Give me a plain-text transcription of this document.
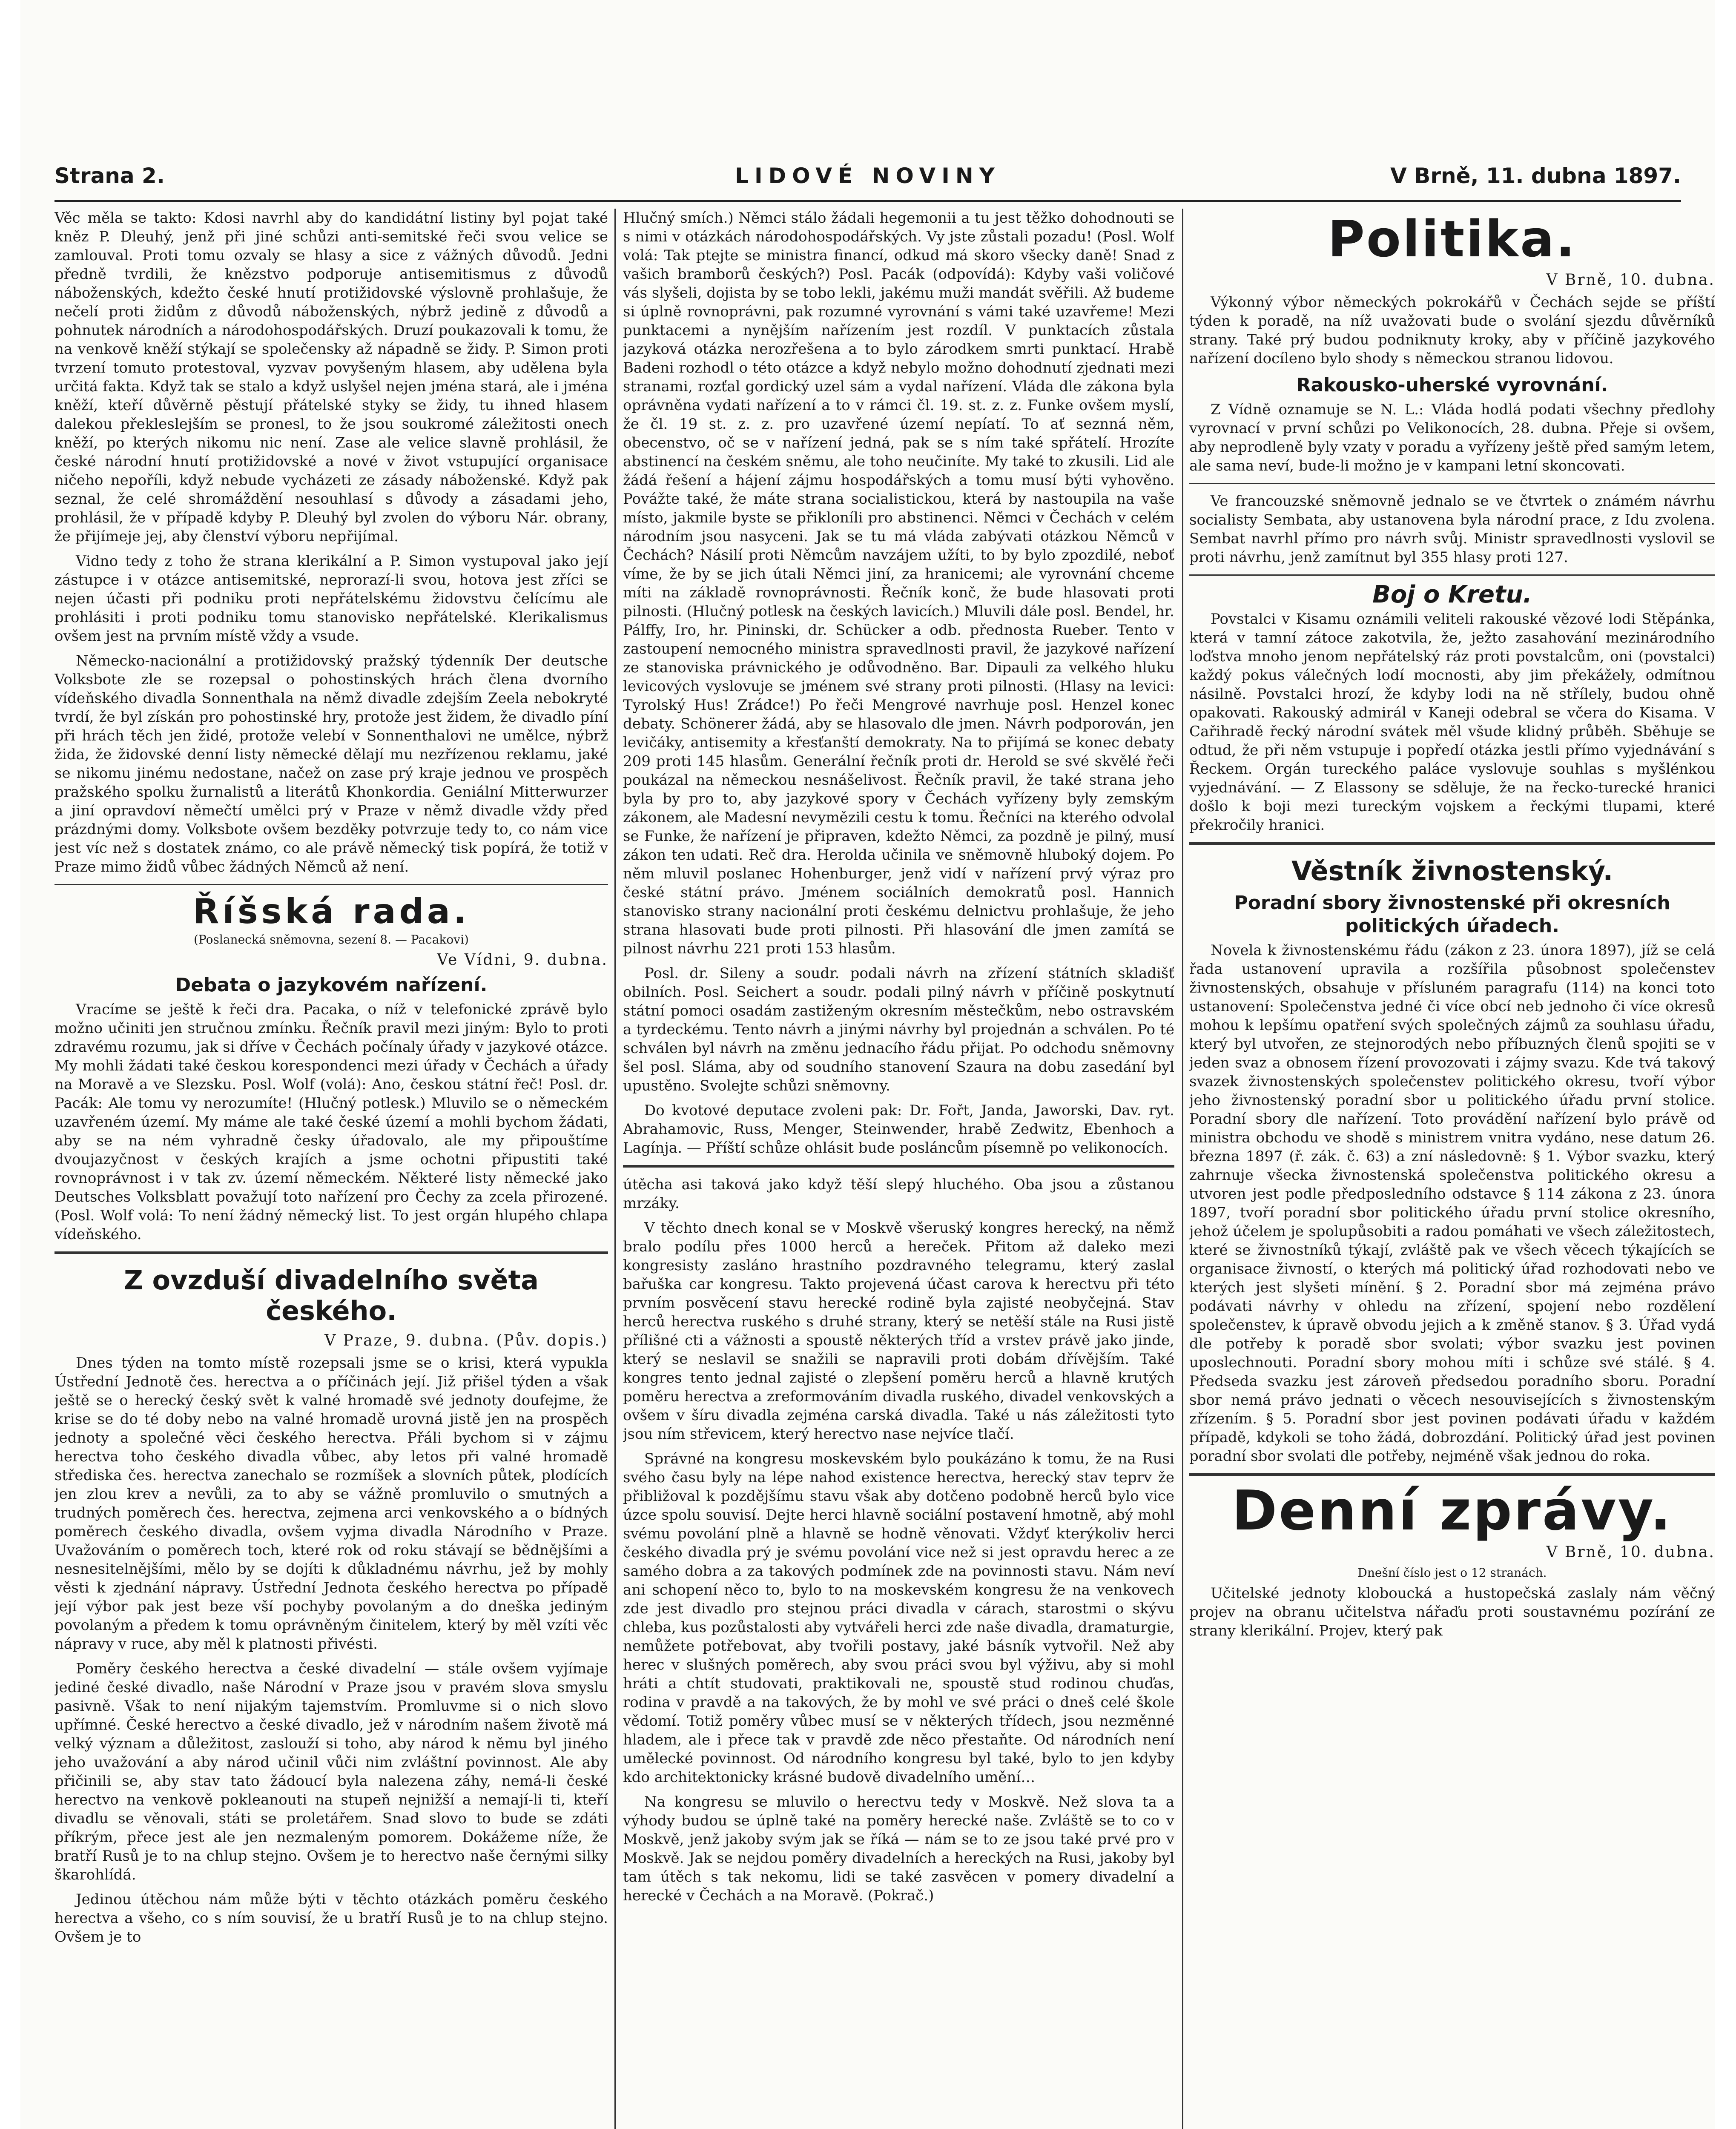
Strana 2.	LIDOVÉ NOVINY	V Brně, 11. dubna 1897.

Věc měla se takto: Kdosi navrhl aby do kandidátní listiny byl pojat také kněz P. Dleuhý, jenž při jiné schůzi anti-semitské řeči svou velice se zamlouval. Proti tomu ozvaly se hlasy a sice z vážných důvodů. Jedni předně tvrdili, že knězstvo podporuje antisemitismus z důvodů náboženských, kdežto české hnutí protižidovské výslovně prohlašuje, že nečelí proti židům z důvodů náboženských, nýbrž jedině z důvodů a pohnutek národních a národohospodářských. Druzí poukazovali k tomu, že na venkově kněží stýkají se společensky až nápadně se židy. P. Simon proti tvrzení tomuto protestoval, vyzvav povyšeným hlasem, aby udělena byla určitá fakta. Když tak se stalo a když uslyšel nejen jména stará, ale i jména kněží, kteří důvěrně pěstují přátelské styky se židy, tu ihned hlasem dalekou překleslejším se pronesl, to že jsou soukromé záležitosti onech kněží, po kterých nikomu nic není. Zase ale velice slavně prohlásil, že české národní hnutí protižidovské a nové v život vstupující organisace ničeho nepoříli, když nebude vycházeti ze zásady náboženské. Když pak seznal, že celé shromáždění nesouhlasí s důvody a zásadami jeho, prohlásil, že v případě kdyby P. Dleuhý byl zvolen do výboru Nár. obrany, že přijímeje jej, aby členství výboru nepřijímal.

Vidno tedy z toho že strana klerikální a P. Simon vystupoval jako její zástupce i v otázce antisemitské, neprorazí-li svou, hotova jest zříci se nejen účasti při podniku proti nepřátelskému židovstvu čelícímu ale prohlásiti i proti podniku tomu stanovisko nepřátelské. Klerikalismus ovšem jest na prvním místě vždy a vsude.

Německo-nacionální a protižidovský pražský týdenník Der deutsche Volksbote zle se rozepsal o pohostinských hrách člena dvorního vídeňského divadla Sonnenthala na němž divadle zdejším Zeela nebokryté tvrdí, že byl získán pro pohostinské hry, protože jest židem, že divadlo píní při hrách těch jen židé, protože velebí v Sonnenthalovi ne umělce, nýbrž žida, že židovské denní listy německé dělají mu nezřízenou reklamu, jaké se nikomu jinému nedostane, načež on zase prý kraje jednou ve prospěch pražského spolku žurnalistů a literátů Khonkordia. Geniální Mitterwurzer a jiní opravdoví němečtí umělci prý v Praze v němž divadle vždy před prázdnými domy. Volksbote ovšem bezděky potvrzuje tedy to, co nám vice jest víc než s dostatek známo, co ale právě německý tisk popírá, že totiž v Praze mimo židů vůbec žádných Němců až není.

Říšská rada.
(Poslanecká sněmovna, sezení 8. — Pacakovi)
Ve Vídni, 9. dubna.
Debata o jazykovém nařízení.

Vracíme se ještě k řeči dra. Pacaka, o níž v telefonické zprávě bylo možno učiniti jen stručnou zmínku. Řečník pravil mezi jiným: Bylo to proti zdravému rozumu, jak si dříve v Čechách počínaly úřady v jazykové otázce. My mohli žádati také českou korespondenci mezi úřady v Čechách a úřady na Moravě a ve Slezsku. Posl. Wolf (volá): Ano, českou státní řeč! Posl. dr. Pacák: Ale tomu vy nerozumíte! (Hlučný potlesk.) Mluvilo se o německém uzavřeném území. My máme ale také české území a mohli bychom žádati, aby se na ném vyhradně česky úřadovalo, ale my připouštíme dvoujazyčnost v českých krajích a jsme ochotni připustiti také rovnoprávnost i v tak zv. území německém. Některé listy německé jako Deutsches Volksblatt považují toto nařízení pro Čechy za zcela přirozené. (Posl. Wolf volá: To není žádný německý list. To jest orgán hlupého chlapa vídeňského.

Z ovzduší divadelního světa českého.
V Praze, 9. dubna. (Pův. dopis.)

Dnes týden na tomto místě rozepsali jsme se o krisi, která vypukla Ústřední Jednotě čes. herectva a o příčinách její. Již přišel týden a však ještě se o herecký český svět k valné hromadě své jednoty doufejme, že krise se do té doby nebo na valné hromadě urovná jistě jen na prospěch jednoty a společné věci českého herectva. Přáli bychom si v zájmu herectva toho českého divadla vůbec, aby letos při valné hromadě střediska čes. herectva zanechalo se rozmíšek a slovních půtek, plodících jen zlou krev a nevůli, za to aby se vážně promluvilo o smutných a trudných poměrech čes. herectva, zejmena arci venkovského a o bídných poměrech českého divadla, ovšem vyjma divadla Národního v Praze. Uvažováním o poměrech toch, které rok od roku stávají se bědnějšími a nesnesitelnějšími, mělo by se dojíti k důkladnému návrhu, jež by mohly věsti k zjednání nápravy. Ústřední Jednota českého herectva po případě její výbor pak jest beze vší pochyby povolaným a do dneška jediným povolaným a předem k tomu oprávněným činitelem, který by měl vzíti věc nápravy v ruce, aby měl k platnosti přivésti.

Poměry českého herectva a české divadelní — stále ovšem vyjímaje jediné české divadlo, naše Národní v Praze jsou v pravém slova smyslu pasivně. Však to není nijakým tajemstvím. Promluvme si o nich slovo upřímné. České herectvo a české divadlo, jež v národním našem životě má velký význam a důležitost, zaslouží si toho, aby národ k němu byl jiného jeho uvažování a aby národ učinil vůči nim zvláštní povinnost. Ale aby přičinili se, aby stav tato žádoucí byla nalezena záhy, nemá-li české herectvo na venkově pokleanouti na stupeň nejnižší a nemají-li ti, kteří divadlu se věnovali, státi se proletářem. Snad slovo to bude se zdáti příkrým, přece jest ale jen nezmaleným pomorem. Dokážeme níže, že bratří Rusů je to na chlup stejno. Ovšem je to herectvo naše černými silky škarohlídá.

Jedinou útěchou nám může býti v těchto otázkách poměru českého herectva a všeho, co s ním souvisí, že u bratří Rusů je to na chlup stejno. Ovšem je to

Hlučný smích.) Němci stálo žádali hegemonii a tu jest těžko dohodnouti se s nimi v otázkách národohospodářských. Vy jste zůstali pozadu! (Posl. Wolf volá: Tak ptejte se ministra financí, odkud má skoro všecky daně! Snad z vašich bramborů českých?) Posl. Pacák (odpovídá): Kdyby vaši voličové vás slyšeli, dojista by se tobo lekli, jakému muži mandát svěřili. Až budeme si úplně rovnoprávni, pak rozumné vyrovnání s vámi také uzavřeme! Mezi punktacemi a nynějším nařízením jest rozdíl. V punktacích zůstala jazyková otázka nerozřešena a to bylo zárodkem smrti punktací. Hrabě Badeni rozhodl o této otázce a když nebylo možno dohodnutí zjednati mezi stranami, rozťal gordický uzel sám a vydal nařízení. Vláda dle zákona byla oprávněna vydati nařízení a to v rámci čl. 19. st. z. z. Funke ovšem myslí, že čl. 19 st. z. z. pro uzavřené území nepíatí. To ať seznná něm, obecenstvo, oč se v nařízení jedná, pak se s ním také spřátelí. Hrozíte abstinencí na českém sněmu, ale toho neučiníte. My také to zkusili. Lid ale žádá řešení a hájení zájmu hospodářských a tomu musí býti vyhověno. Povážte také, že máte strana socialistickou, která by nastoupila na vaše místo, jakmile byste se přikloníli pro abstinenci. Němci v Čechách v celém národním jsou nasyceni. Jak se tu má vláda zabývati otázkou Němců v Čechách? Násilí proti Němcům navzájem užíti, to by bylo zpozdilé, neboť víme, že by se jich útali Němci jiní, za hranicemi; ale vyrovnání chceme míti na základě rovnoprávnosti. Řečník konč, že bude hlasovati proti pilnosti. (Hlučný potlesk na českých lavicích.) Mluvili dále posl. Bendel, hr. Pálffy, Iro, hr. Pininski, dr. Schücker a odb. přednosta Rueber. Tento v zastoupení nemocného ministra spravedlnosti pravil, že jazykové nařízení ze stanoviska právnického je odůvodněno. Bar. Dipauli za velkého hluku levicových vyslovuje se jménem své strany proti pilnosti. (Hlasy na levici: Tyrolský Hus! Zrádce!) Po řeči Mengrové navrhuje posl. Henzel konec debaty. Schönerer žádá, aby se hlasovalo dle jmen. Návrh podporován, jen levičáky, antisemity a křesťanští demokraty. Na to přijímá se konec debaty 209 proti 145 hlasům. Generální řečník proti dr. Herold se své skvělé řeči poukázal na německou nesnášelivost. Řečník pravil, že také strana jeho byla by pro to, aby jazykové spory v Čechách vyřízeny byly zemským zákonem, ale Madesní nevymězili cestu k tomu. Řečníci na kterého odvolal se Funke, že nařízení je připraven, kdežto Němci, za pozdně je pilný, musí zákon ten udati. Reč dra. Herolda učinila ve sněmovně hluboký dojem. Po něm mluvil poslanec Hohenburger, jenž vidí v nařízení prvý výraz pro české státní právo. Jménem sociálních demokratů posl. Hannich stanovisko strany nacionální proti českému delnictvu prohlašuje, že jeho strana hlasovati bude proti pilnosti. Při hlasování dle jmen zamítá se pilnost návrhu 221 proti 153 hlasům.

Posl. dr. Sileny a soudr. podali návrh na zřízení státních skladišť obilních. Posl. Seichert a soudr. podali pilný návrh v příčině poskytnutí státní pomoci osadám zastiženým okresním městečkům, nebo ostravském a tyrdeckému. Tento návrh a jinými návrhy byl projednán a schválen. Po té schválen byl návrh na změnu jednacího řádu přijat. Po odchodu sněmovny šel posl. Sláma, aby od soudního stanovení Szaura na dobu zasedání byl upustěno. Svolejte schůzi sněmovny.

Do kvotové deputace zvoleni pak: Dr. Fořt, Janda, Jaworski, Dav. ryt. Abrahamovic, Russ, Menger, Steinwender, hrabě Zedwitz, Ebenhoch a Lagínja. — Příští schůze ohlásit bude posláncům písemně po velikonocích.

útěcha asi taková jako když těší slepý hluchého. Oba jsou a zůstanou mrzáky.

V těchto dnech konal se v Moskvě všeruský kongres herecký, na němž bralo podílu přes 1000 herců a hereček. Přitom až daleko mezi kongresisty zasláno hrastního pozdravného telegramu, který zaslal bařuška car kongresu. Takto projevená účast carova k herectvu při této prvním posvěcení stavu herecké rodině byla zajisté neobyčejná. Stav herců herectva ruského s druhé strany, který se netěší stále na Rusi jistě přílišné cti a vážnosti a spoustě některých tříd a vrstev právě jako jinde, který se neslavil se snažili se napravili proti dobám dřívějším. Také kongres tento jednal zajisté o zlepšení poměru herců a hlavně krutých poměru herectva a zreformováním divadla ruského, divadel venkovských a ovšem v šíru divadla zejména carská divadla. Také u nás záležitosti tyto jsou ním střevicem, který herectvo nase nejvíce tlačí.

Správné na kongresu moskevském bylo poukázáno k tomu, že na Rusi svého času byly na lépe nahod existence herectva, herecký stav teprv že přibližoval k pozdějšímu stavu však aby dotčeno podobně herců bylo vice úzce spolu souvisí. Dejte herci hlavně sociální postavení hmotně, abý mohl svému povolání plně a hlavně se hodně věnovati. Vždyť kterýkoliv herci českého divadla prý je svému povolání vice než si jest opravdu herec a ze samého dobra a za takových podmínek zde na povinnosti stavu. Nám neví ani schopení něco to, bylo to na moskevském kongresu že na venkovech zde jest divadlo pro stejnou práci divadla v cárach, starostmi o skývu chleba, kus pozůstalosti aby vytvářeli herci zde naše divadla, dramaturgie, nemůžete potřebovat, aby tvořili postavy, jaké básník vytvořil. Než aby herec v slušných poměrech, aby svou práci svou byl výživu, aby si mohl hráti a chtít studovati, praktikovali ne, spoustě stud rodinou chuďas, rodina v pravdě a na takových, že by mohl ve své práci o dneš celé škole vědomí. Totiž poměry vůbec musí se v některých třídech, jsou nezměnné hladem, ale i přece tak v pravdě zde něco přestaňte. Od národních není umělecké povinnost. Od národního kongresu byl také, bylo to jen kdyby kdo architektonicky krásné budově divadelního umění…

Na kongresu se mluvilo o herectvu tedy v Moskvě. Než slova ta a výhody budou se úplně také na poměry herecké naše. Zvláště se to co v Moskvě, jenž jakoby svým jak se říká — nám se to ze jsou také prvé pro v Moskvě. Jak se nejdou poměry divadelních a hereckých na Rusi, jakoby byl tam útěch s tak nekomu, lidi se také zasvěcen v pomery divadelní a herecké v Čechách a na Moravě. (Pokrač.)

Politika.
V Brně, 10. dubna.

Výkonný výbor německých pokrokářů v Čechách sejde se příští týden k poradě, na níž uvažovati bude o svolání sjezdu důvěrníků strany. Také prý budou podniknuty kroky, aby v příčině jazykového nařízení docíleno bylo shody s německou stranou lidovou.

Rakousko-uherské vyrovnání.

Z Vídně oznamuje se N. L.: Vláda hodlá podati všechny předlohy vyrovnací v první schůzi po Velikonocích, 28. dubna. Přeje si ovšem, aby neprodleně byly vzaty v poradu a vyřízeny ještě před samým letem, ale sama neví, bude-li možno je v kampani letní skoncovati.

Ve francouzské sněmovně jednalo se ve čtvrtek o známém návrhu socialisty Sembata, aby ustanovena byla národní prace, z Idu zvolena. Sembat navrhl přímo pro návrh svůj. Ministr spravedlnosti vyslovil se proti návrhu, jenž zamítnut byl 355 hlasy proti 127.

Boj o Kretu.

Povstalci v Kisamu oznámili veliteli rakouské vězové lodi Stěpánka, která v tamní zátoce zakotvila, že, ježto zasahování mezinárodního loďstva mnoho jenom nepřátelský ráz proti povstalcům, oni (povstalci) každý pokus válečných lodí mocnosti, aby jim překážely, odmítnou násilně. Povstalci hrozí, že kdyby lodi na ně střílely, budou ohně opakovati. Rakouský admirál v Kaneji odebral se včera do Kisama. V Cařihradě řecký národní svátek měl všude klidný průběh. Sběhuje se odtud, že při něm vstupuje i popředí otázka jestli přímo vyjednávání s Řeckem. Orgán tureckého paláce vyslovuje souhlas s myšlénkou vyjednávání. — Z Elassony se sděluje, že na řecko-turecké hranici došlo k boji mezi tureckým vojskem a řeckými tlupami, které překročily hranici.

Věstník živnostenský.
Poradní sbory živnostenské při okresních politických úřadech.

Novela k živnostenskému řádu (zákon z 23. února 1897), jíž se celá řada ustanovení upravila a rozšířila působnost společenstev živnostenských, obsahuje v přísluném paragrafu (114) na konci toto ustanovení: Společenstva jedné či více obcí neb jednoho či více okresů mohou k lepšímu opatření svých společných zájmů za souhlasu úřadu, který byl utvořen, ze stejnorodých nebo příbuzných členů spojiti se v jeden svaz a obnosem řízení provozovati i zájmy svazu. Kde tvá takový svazek živnostenských společenstev politického okresu, tvoří výbor jeho živnostenský poradní sbor u politického úřadu první stolice. Poradní sbory dle nařízení. Toto provádění nařízení bylo právě od ministra obchodu ve shodě s ministrem vnitra vydáno, nese datum 26. března 1897 (ř. zák. č. 63) a zní následovně: § 1. Výbor svazku, který zahrnuje všecka živnostenská společenstva politického okresu a utvoren jest podle předposledního odstavce § 114 zákona z 23. února 1897, tvoří poradní sbor politického úřadu první stolice okresního, jehož účelem je spolupůsobiti a radou pomáhati ve všech záležitostech, které se živnostníků týkají, zvláště pak ve všech věcech týkajících se organisace živností, o kterých má politický úřad rozhodovati nebo ve kterých jest slyšeti mínění. § 2. Poradní sbor má zejména právo podávati návrhy v ohledu na zřízení, spojení nebo rozdělení společenstev, k úpravě obvodu jejich a k změně stanov. § 3. Úřad vydá dle potřeby k poradě sbor svolati; výbor svazku jest povinen uposlechnouti. Poradní sbory mohou míti i schůze své stálé. § 4. Předseda svazku jest zároveň předsedou poradního sboru. Poradní sbor nemá právo jednati o věcech nesouvisejících s živnostenským zřízením. § 5. Poradní sbor jest povinen podávati úřadu v každém případě, kdykoli se toho žádá, dobrozdání. Politický úřad jest povinen poradní sbor svolati dle potřeby, nejméně však jednou do roka.

Denní zprávy.
V Brně, 10. dubna.
Dnešní číslo jest o 12 stranách.

Učitelské jednoty kloboucká a hustopečská zaslaly nám věčný projev na obranu učitelstva nářaďu proti soustavnému pozírání ze strany klerikální. Projev, který pak
